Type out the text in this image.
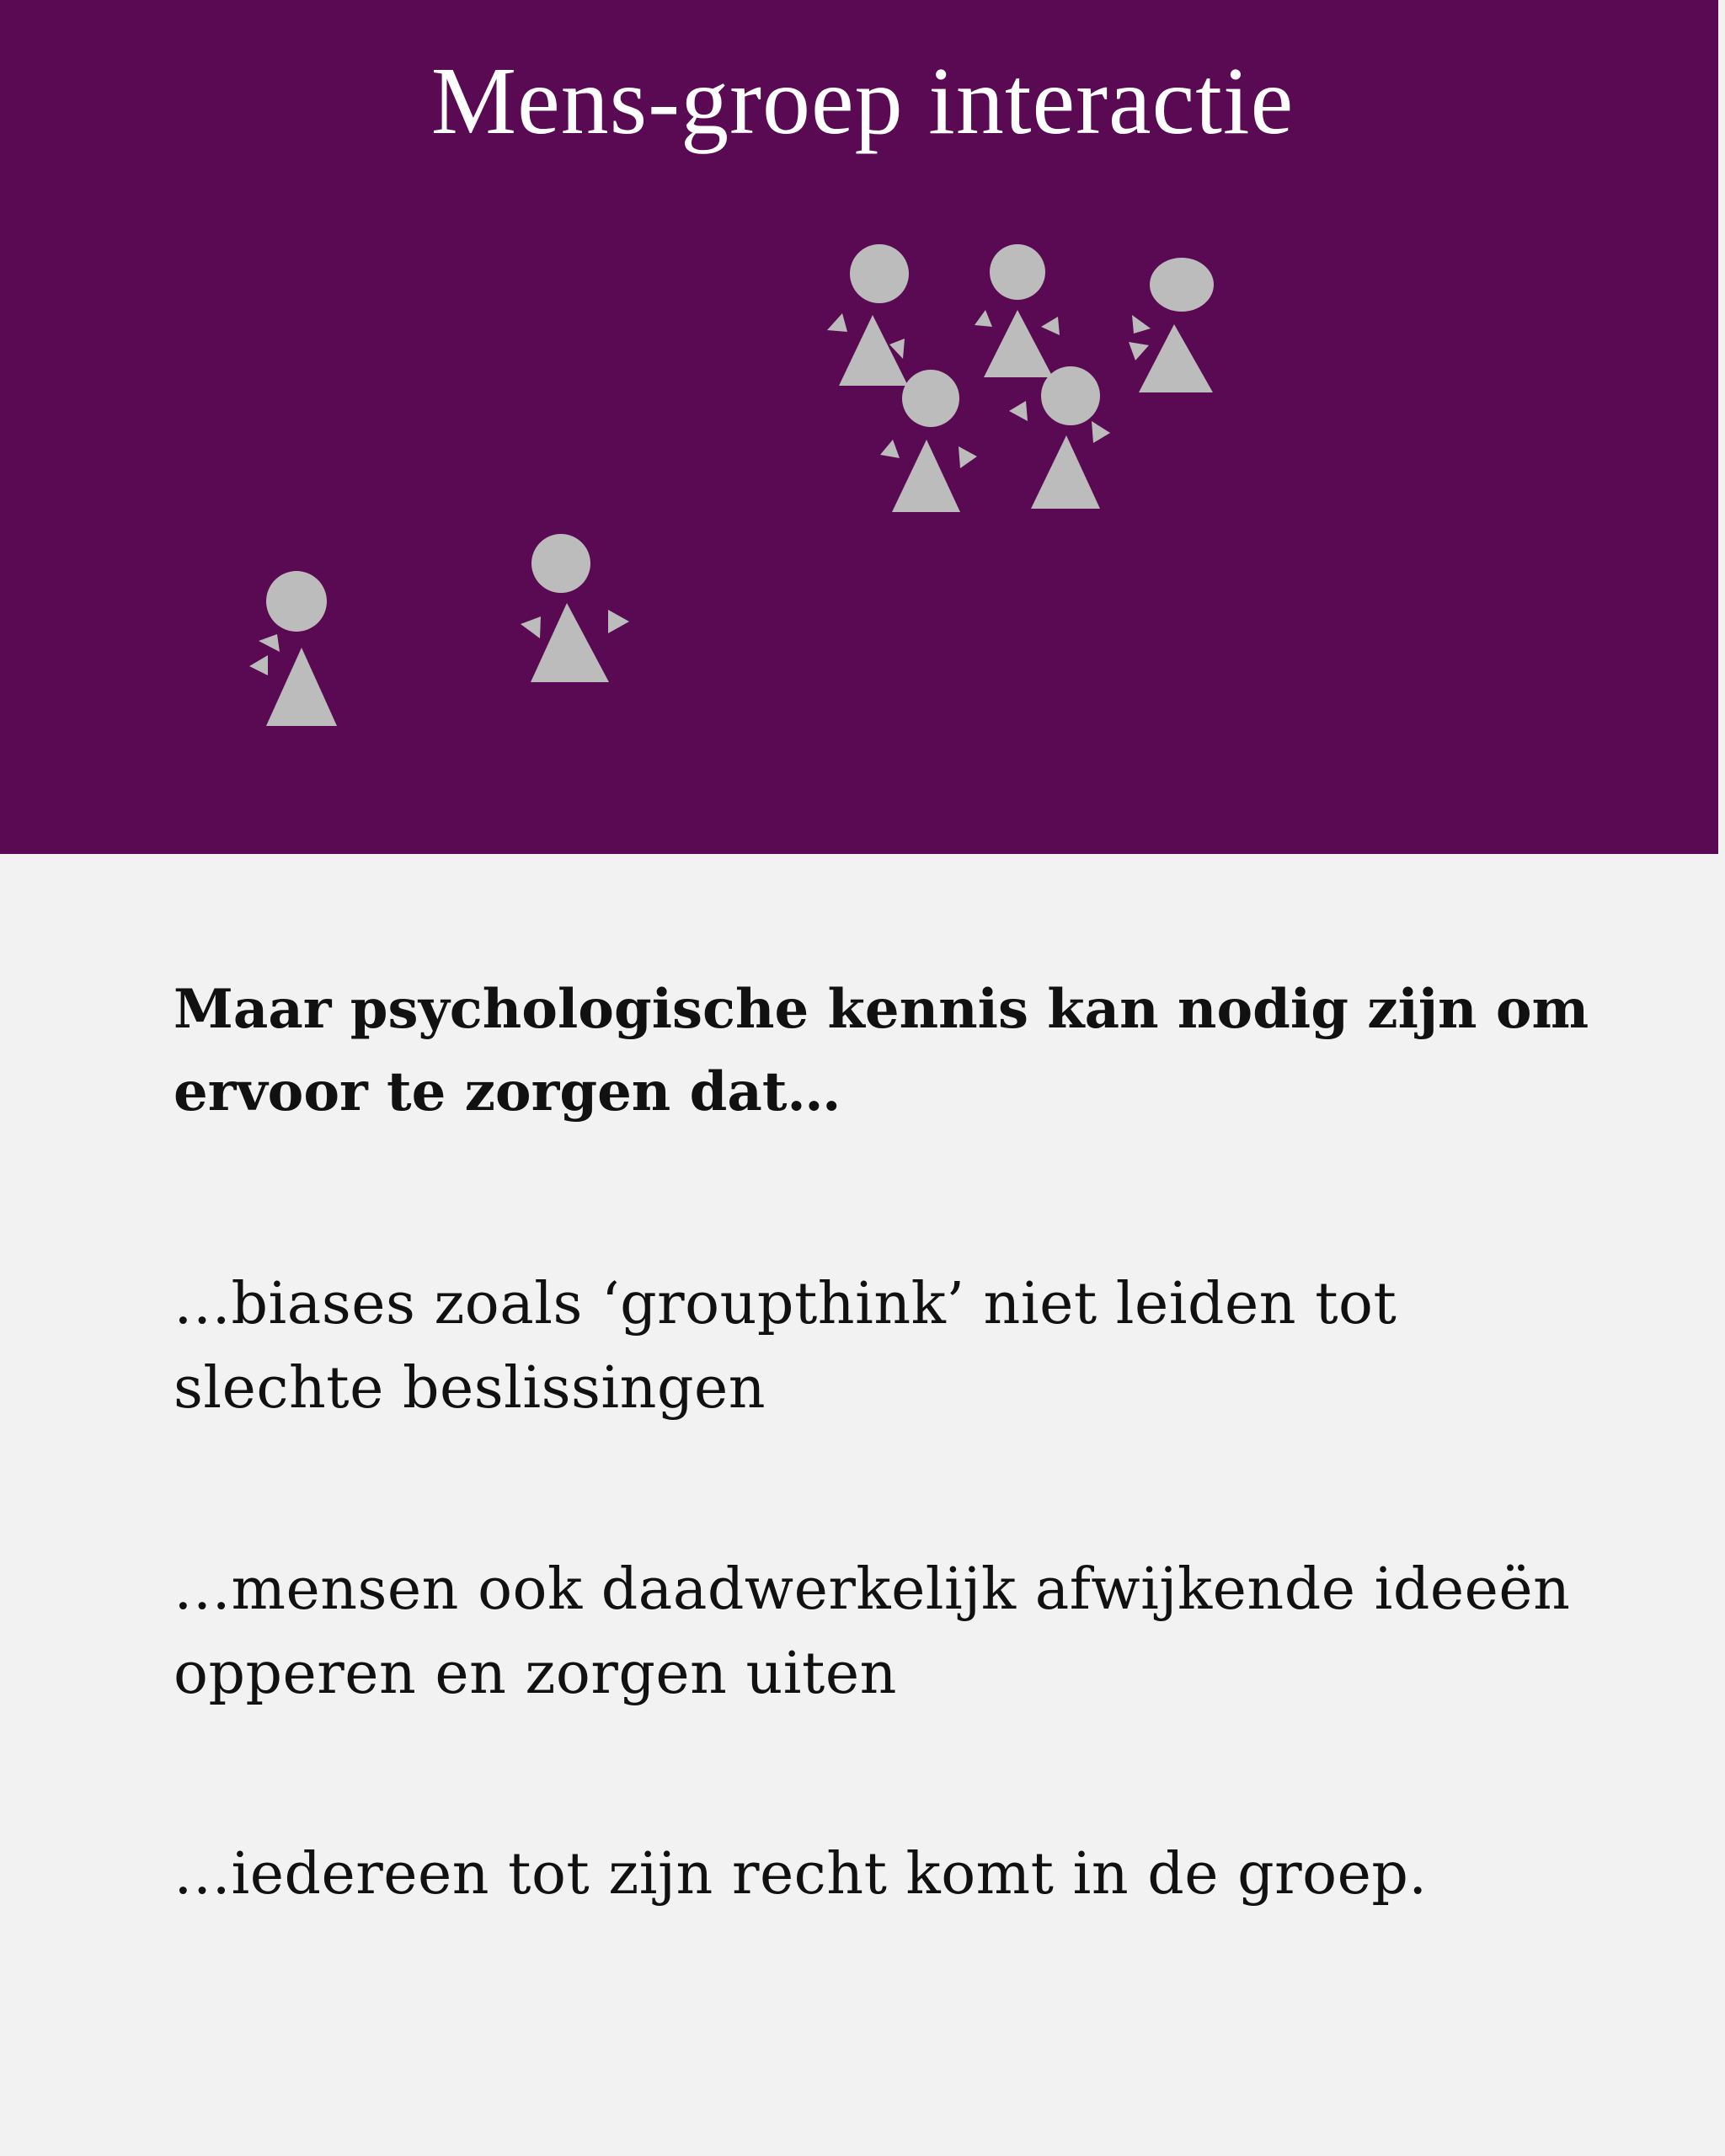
Mens-groep interactie

Maar psychologische kennis kan nodig zijn om ervoor te zorgen dat…

…biases zoals ‘groupthink’ niet leiden tot slechte beslissingen

…mensen ook daadwerkelijk afwijkende ideeën opperen en zorgen uiten

…iedereen tot zijn recht komt in de groep.
